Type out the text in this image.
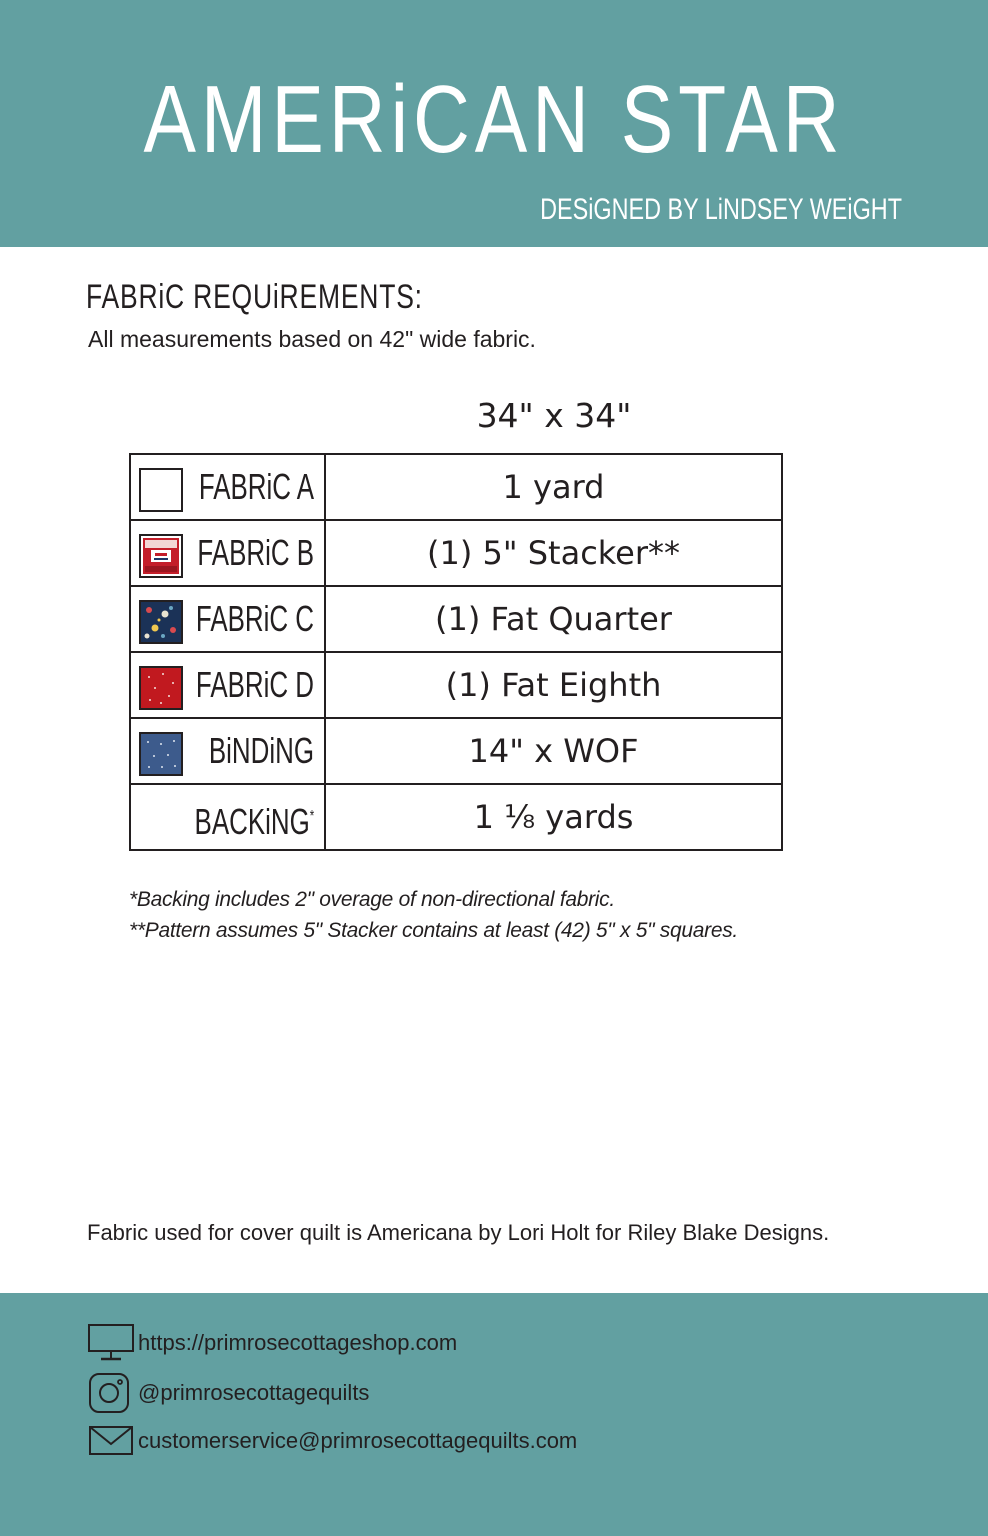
AMERiCAN STAR
DESiGNED BY LiNDSEY WEiGHT
FABRiC REQUiREMENTS:
All measurements based on 42" wide fabric.
34" x 34"
FABRiC A	1 yard

FABRiC B	(1) 5" Stacker**

FABRiC C	(1) Fat Quarter

FABRiC D	(1) Fat Eighth

BiNDiNG	14" x WOF

BACKiNG*	1 ⅛ yards
*Backing includes 2" overage of non-directional fabric.
**Pattern assumes 5" Stacker contains at least (42) 5" x 5" squares.
Fabric used for cover quilt is Americana by Lori Holt for Riley Blake Designs.
https://primrosecottageshop.com
@primrosecottagequilts
customerservice@primrosecottagequilts.com
